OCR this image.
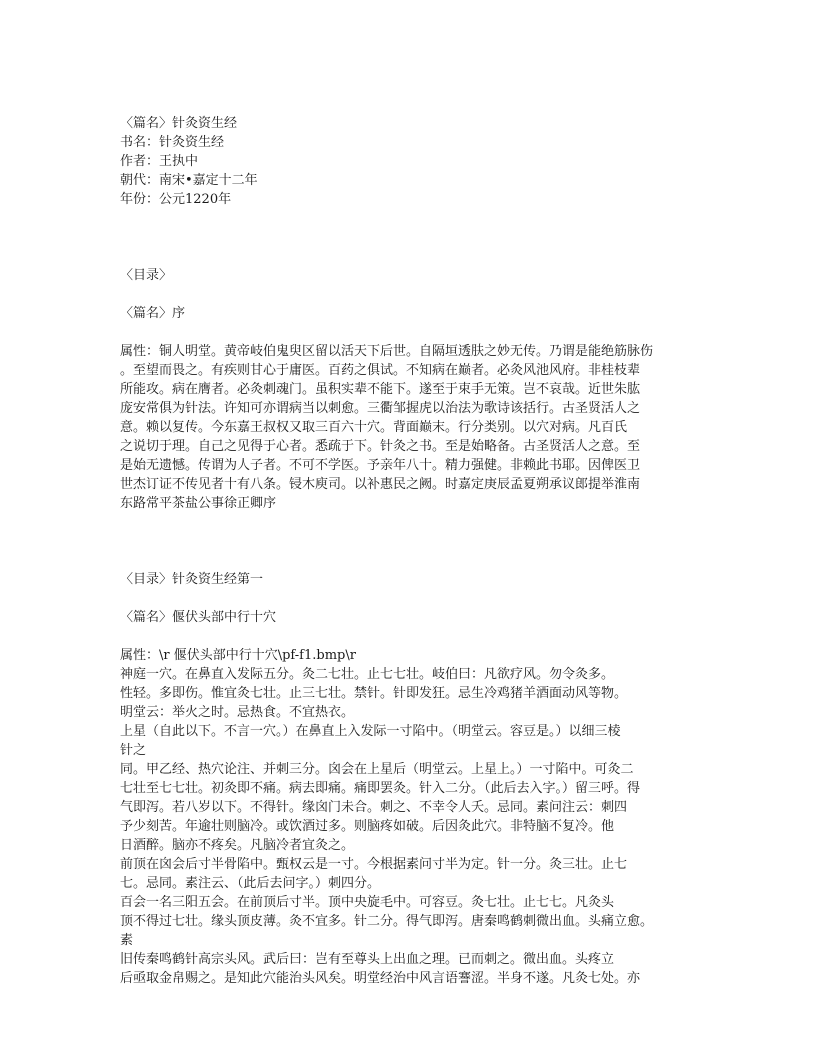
〈篇名〉针灸资生经
书名：针灸资生经
作者：王执中
朝代：南宋•嘉定十二年
年份：公元1220年
〈目录〉
〈篇名〉序
属性：铜人明堂。黄帝岐伯鬼臾区留以活天下后世。自隔垣透肤之妙无传。乃谓是能绝筋脉伤
。至望而畏之。有疾则甘心于庸医。百药之俱试。不知病在巅者。必灸风池风府。非桂枝辈
所能攻。病在膺者。必灸刺魂门。虽积实辈不能下。遂至于束手无策。岂不哀哉。近世朱肱
庞安常俱为针法。许知可亦谓病当以刺愈。三衢邹握虎以治法为歌诗该括行。古圣贤活人之
意。赖以复传。今东嘉王叔权又取三百六十穴。背面巅末。行分类别。以穴对病。凡百氏
之说切于理。自己之见得于心者。悉疏于下。针灸之书。至是始略备。古圣贤活人之意。至
是始无遗憾。传谓为人子者。不可不学医。予亲年八十。精力强健。非赖此书耶。因俾医卫
世杰订证不传见者十有八条。锓木庾司。以补惠民之阙。时嘉定庚辰孟夏朔承议郎提举淮南
东路常平茶盐公事徐正卿序
〈目录〉针灸资生经第一
〈篇名〉偃伏头部中行十穴
属性：\r 偃伏头部中行十穴\pf-f1.bmp\r
神庭一穴。在鼻直入发际五分。灸二七壮。止七七壮。岐伯曰：凡欲疗风。勿令灸多。
性轻。多即伤。惟宜灸七壮。止三七壮。禁针。针即发狂。忌生冷鸡猪羊酒面动风等物。
明堂云：举火之时。忌热食。不宜热衣。
上星（自此以下。不言一穴。）在鼻直上入发际一寸陷中。（明堂云。容豆是。）以细三棱
针之
同。甲乙经、热穴论注、并刺三分。囟会在上星后（明堂云。上星上。）一寸陷中。可灸二
七壮至七七壮。初灸即不痛。病去即痛。痛即罢灸。针入二分。（此后去入字。）留三呼。得
气即泻。若八岁以下。不得针。缘囟门未合。刺之、不幸令人夭。忌同。素问注云：刺四
予少刻苦。年逾壮则脑冷。或饮酒过多。则脑疼如破。后因灸此穴。非特脑不复冷。他
日酒醉。脑亦不疼矣。凡脑冷者宜灸之。
前顶在囟会后寸半骨陷中。甄权云是一寸。今根据素问寸半为定。针一分。灸三壮。止七
七。忌同。素注云、（此后去问字。）刺四分。
百会一名三阳五会。在前顶后寸半。顶中央旋毛中。可容豆。灸七壮。止七七。凡灸头
顶不得过七壮。缘头顶皮薄。灸不宜多。针二分。得气即泻。唐秦鸣鹤刺微出血。头痛立愈。
素
旧传秦鸣鹤针高宗头风。武后曰：岂有至尊头上出血之理。已而刺之。微出血。头疼立
后亟取金帛赐之。是知此穴能治头风矣。明堂经治中风言语謇涩。半身不遂。凡灸七处。亦
